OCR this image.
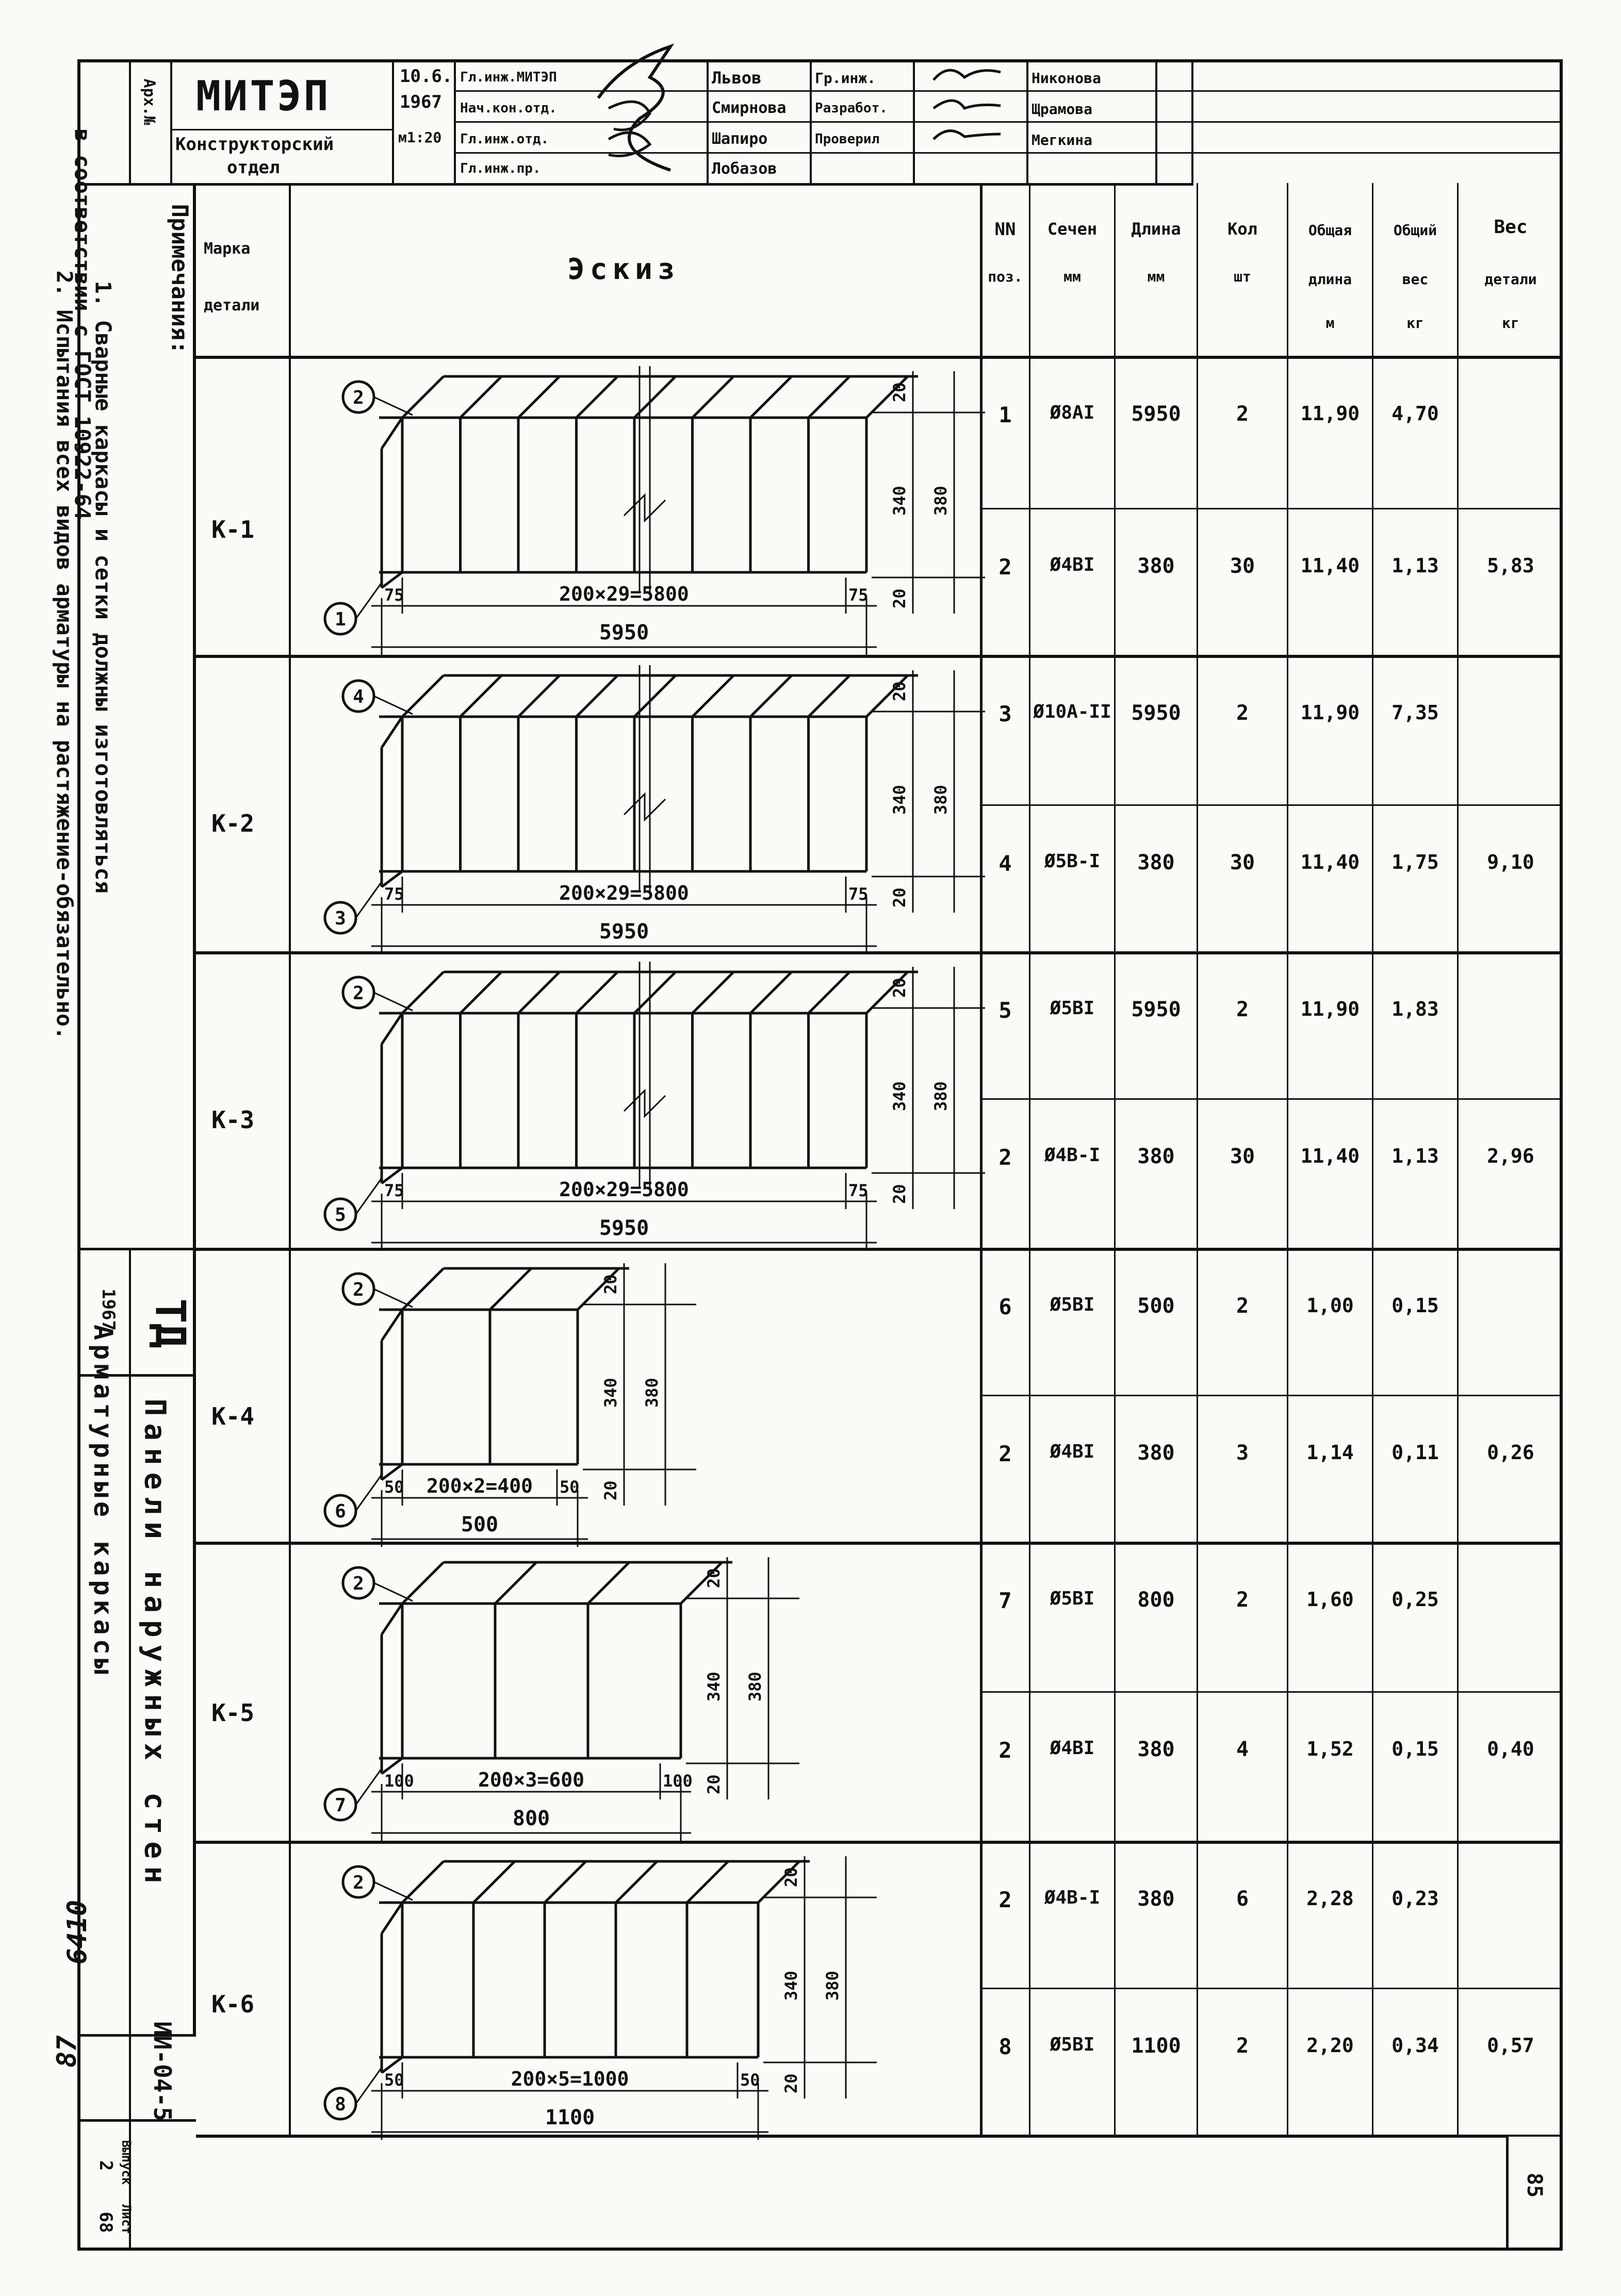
Арх.№ МИТЭП
Конструкторский
отдел
10.6.
1967
м1:20
Гл.инж.МИТЭП
Нач.кон.отд.
Гл.инж.отд.
Гл.инж.пр.
Львов
Смирнова
Шапиро
Лобазов
Гр.инж.
Разработ.
Проверил
Никонова
Щрамова
Мегкина
Примечания:
1. Сварные каркасы и сетки должны изготовляться
в соответствии с ГОСТ 10922-64
2. Испытания всех видов арматуры на растяжение-обязательно.
ТД
1967
Панели наружных стен
Арматурные каркасы
ИИ-04-5
Выпуск
2
Лист
68
6410
87
85
Марка
детали
Эскиз
NN
поз.
Сечен
мм
Длина
мм
Кол
шт
Общая
длина
м
Общий
вес
кг
Вес
детали
кг
1	Ø8AI	5950	2	11,90	4,70
К-1
2	Ø4BI	380	30	11,40	1,13	5,83
3	Ø10A-II 5950	2	11,90	7,35
К-2
4	Ø5B-I	380	30	11,40	1,75	9,10
5	Ø5BI	5950	2	11,90	1,83
К-3
2	Ø4B-I	380	30	11,40	1,13	2,96
6	Ø5BI	500	2	1,00	0,15
К-4
2	Ø4BI	380	3	1,14	0,11	0,26
7	Ø5BI	800	2	1,60	0,25
К-5
2	Ø4BI	380	4	1,52	0,15	0,40
2	Ø4B-I	380	6	2,28	0,23
К-6
8	Ø5BI	1100	2	2,20	0,34	0,57
20
340
20
380
75	75
200×29=5800
5950
2
1
20
340
20
380
75	75
200×29=5800
5950
4
3
20
340
20
380
75	75
200×29=5800
5950
2
5
20
340
20
380
50	50
200×2=400
500
2
6
20
340
20
380
100	100
200×3=600
800
2
7
20
340
20
380
50	50
200×5=1000
1100
2
8
